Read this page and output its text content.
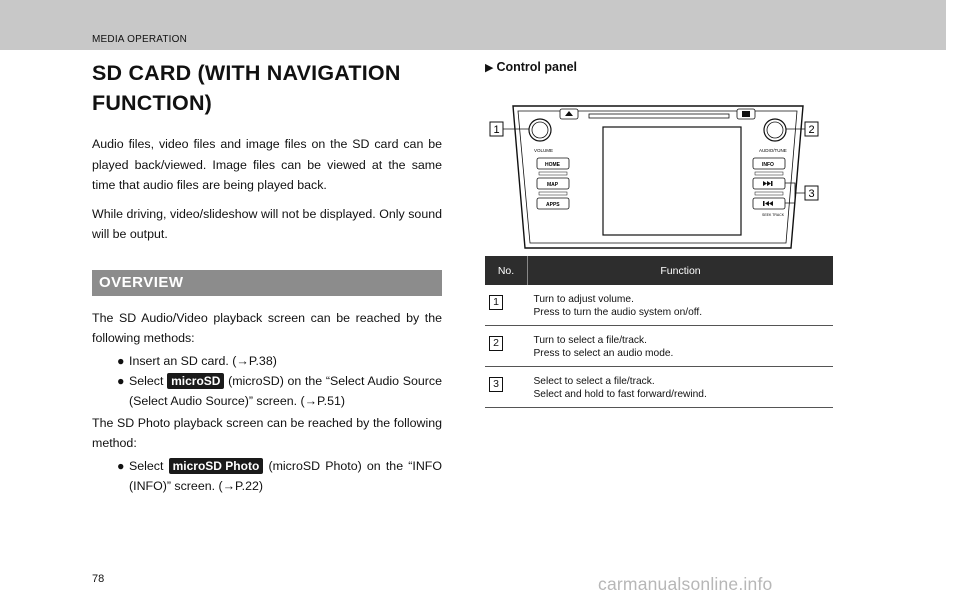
MEDIA OPERATION
SD CARD (WITH NAVIGATION
FUNCTION)

Audio files, video files and image files on the SD card can be played back/viewed. Image files can be viewed at the same time that audio files are being played back.

While driving, video/slideshow will not be displayed. Only sound will be output.

OVERVIEW

The SD Audio/Video playback screen can be reached by the following methods:

● Insert an SD card. (→P.38)
● Select microSD (microSD) on the “Select Audio Source (Select Audio Source)” screen. (→P.51)

The SD Photo playback screen can be reached by the following method:

● Select microSD Photo (microSD Photo) on the “INFO (INFO)” screen. (→P.22)

▶ Control panel

VOLUME	AUDIO/TUNE
HOME
MAP
APPS
INFO
SEEK TRACK
1	2
3
No.	Function
1	Turn to adjust volume.
Press to turn the audio system on/off.
2	Turn to select a file/track.
Press to select an audio mode.
3	Select to select a file/track.
Select and hold to fast forward/rewind.
78	carmanualsonline.info
